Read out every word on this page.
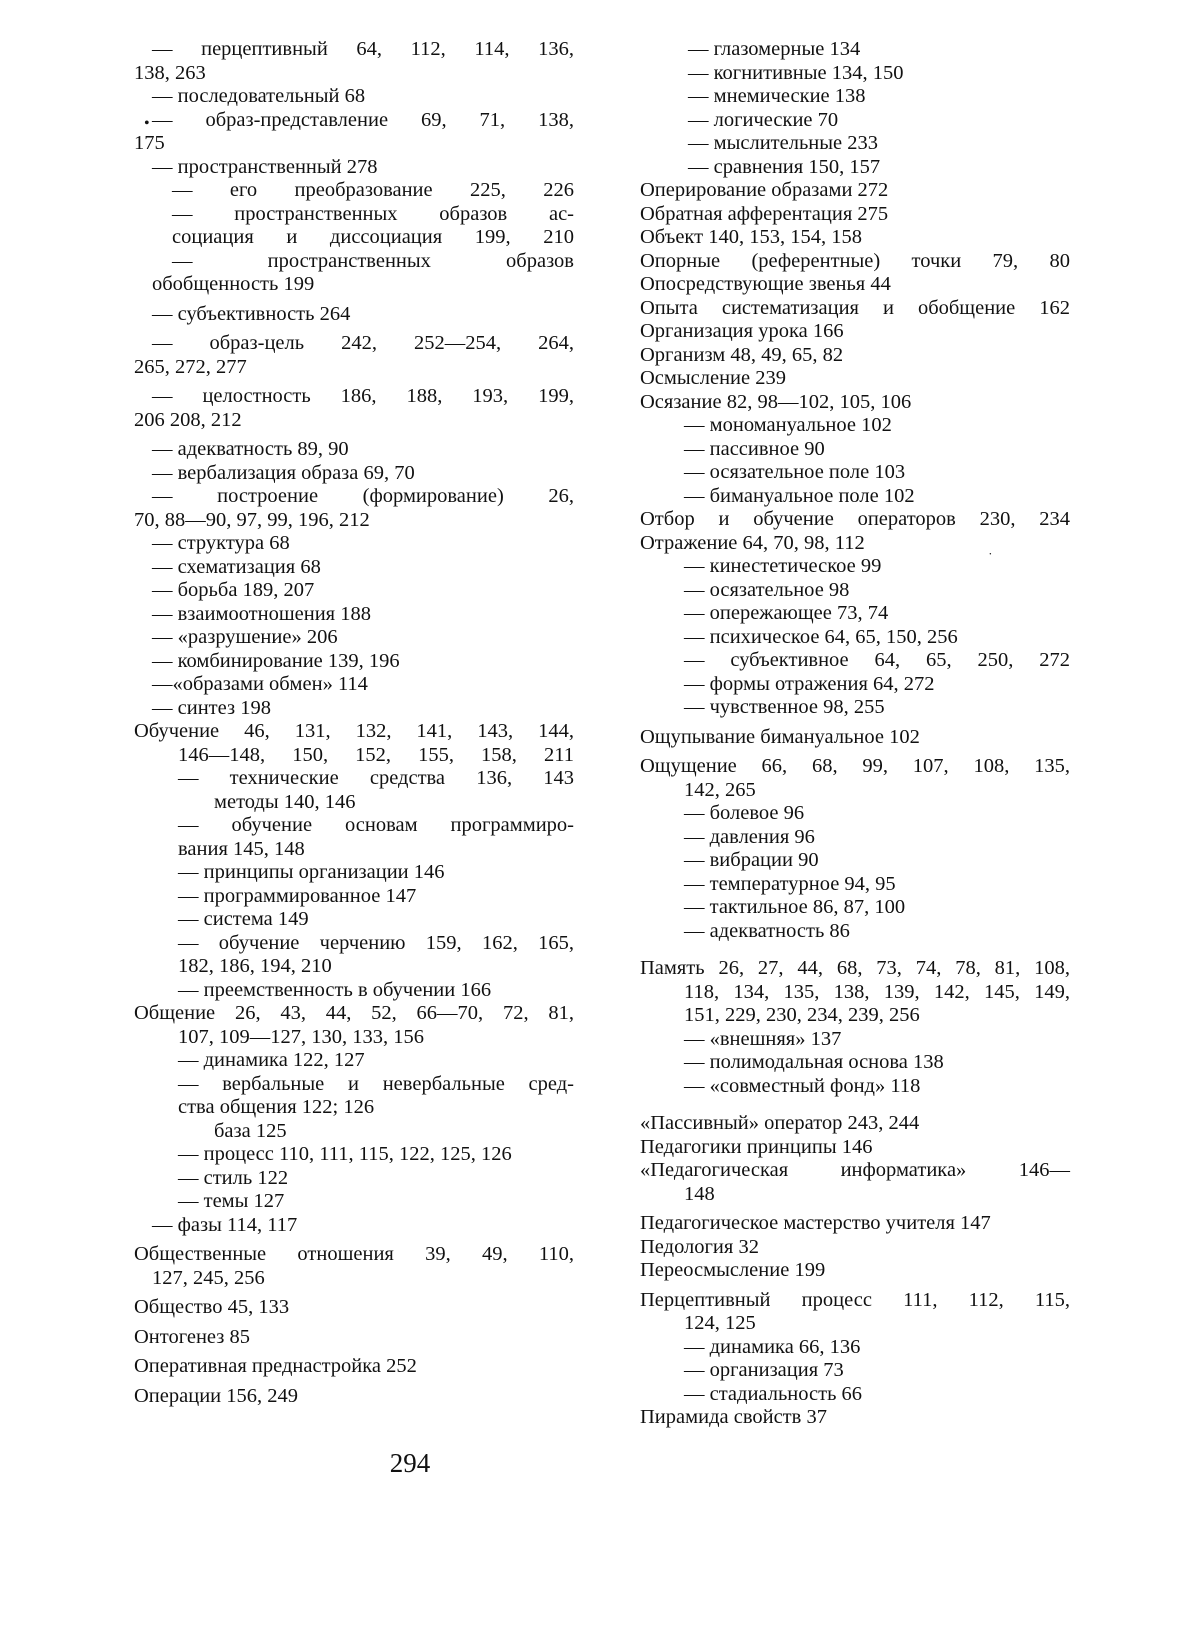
•
— перцептивный 64, 112, 114, 136,
138, 263
— последовательный 68
— образ-представление 69, 71, 138,
175
— пространственный 278
— его преобразование 225, 226
— пространственных образов ас-
социация и диссоциация 199, 210
— пространственных образов
обобщенность 199
— субъективность 264
— образ-цель 242, 252—254, 264,
265, 272, 277
— целостность 186, 188, 193, 199,
206 208, 212
— адекватность 89, 90
— вербализация образа 69, 70
— построение (формирование) 26,
70, 88—90, 97, 99, 196, 212
— структура 68
— схематизация 68
— борьба 189, 207
— взаимоотношения 188
— «разрушение» 206
— комбинирование 139, 196
—«образами обмен» 114
— синтез 198
Обучение 46, 131, 132, 141, 143, 144,
146—148, 150, 152, 155, 158, 211
— технические средства 136, 143
методы 140, 146
— обучение основам программиро-
вания 145, 148
— принципы организации 146
— программированное 147
— система 149
— обучение черчению 159, 162, 165,
182, 186, 194, 210
— преемственность в обучении 166
Общение 26, 43, 44, 52, 66—70, 72, 81,
107, 109—127, 130, 133, 156
— динамика 122, 127
— вербальные и невербальные сред-
ства общения 122; 126
база 125
— процесс 110, 111, 115, 122, 125, 126
— стиль 122
— темы 127
— фазы 114, 117
Общественные отношения 39, 49, 110,
127, 245, 256
Общество 45, 133
Онтогенез 85
Оперативная преднастройка 252
Операции 156, 249
— глазомерные 134
— когнитивные 134, 150
— мнемические 138
— логические 70
— мыслительные 233
— сравнения 150, 157
Оперирование образами 272
Обратная афферентация 275
Объект 140, 153, 154, 158
Опорные (референтные) точки 79, 80
Опосредствующие звенья 44
Опыта систематизация и обобщение 162
Организация урока 166
Организм 48, 49, 65, 82
Осмысление 239
Осязание 82, 98—102, 105, 106
— мономануальное 102
— пассивное 90
— осязательное поле 103
— бимануальное поле 102
Отбор и обучение операторов 230, 234
Отражение 64, 70, 98, 112
— кинестетическое 99
— осязательное 98
— опережающее 73, 74
— психическое 64, 65, 150, 256
— субъективное 64, 65, 250, 272
— формы отражения 64, 272
— чувственное 98, 255
Ощупывание бимануальное 102
Ощущение 66, 68, 99, 107, 108, 135,
142, 265
— болевое 96
— давления 96
— вибрации 90
— температурное 94, 95
— тактильное 86, 87, 100
— адекватность 86
Память 26, 27, 44, 68, 73, 74, 78, 81, 108,
118, 134, 135, 138, 139, 142, 145, 149,
151, 229, 230, 234, 239, 256
— «внешняя» 137
— полимодальная основа 138
— «совместный фонд» 118
«Пассивный» оператор 243, 244
Педагогики принципы 146
«Педагогическая информатика» 146—
148
Педагогическое мастерство учителя 147
Педология 32
Переосмысление 199
Перцептивный процесс 111, 112, 115,
124, 125
— динамика 66, 136
— организация 73
— стадиальность 66
Пирамида свойств 37
˙
294
